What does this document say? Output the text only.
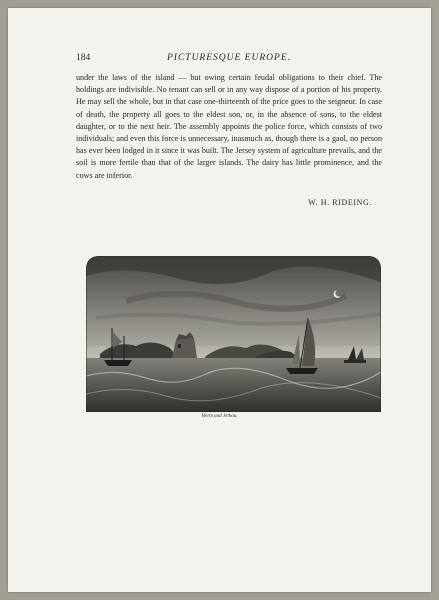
184	PICTURESQUE EUROPE.
under the laws of the island — but owing certain feudal obligations to their chief. The holdings are indivisible. No tenant can sell or in any way dispose of a portion of his property. He may sell the whole, but in that case one-thirteenth of the price goes to the seigneur. In case of death, the property all goes to the eldest son, or, in the absence of sons, to the eldest daughter, or to the next heir. The assembly appoints the police force, which consists of two individuals; and even this force is unnecessary, inasmuch as, though there is a gaol, no person has ever been lodged in it since it was built. The Jersey system of agriculture prevails, and the soil is more fertile than that of the larger islands. The dairy has little prominence, and the cows are inferior.
W. H. RIDEING.
Herm and Jethou.
